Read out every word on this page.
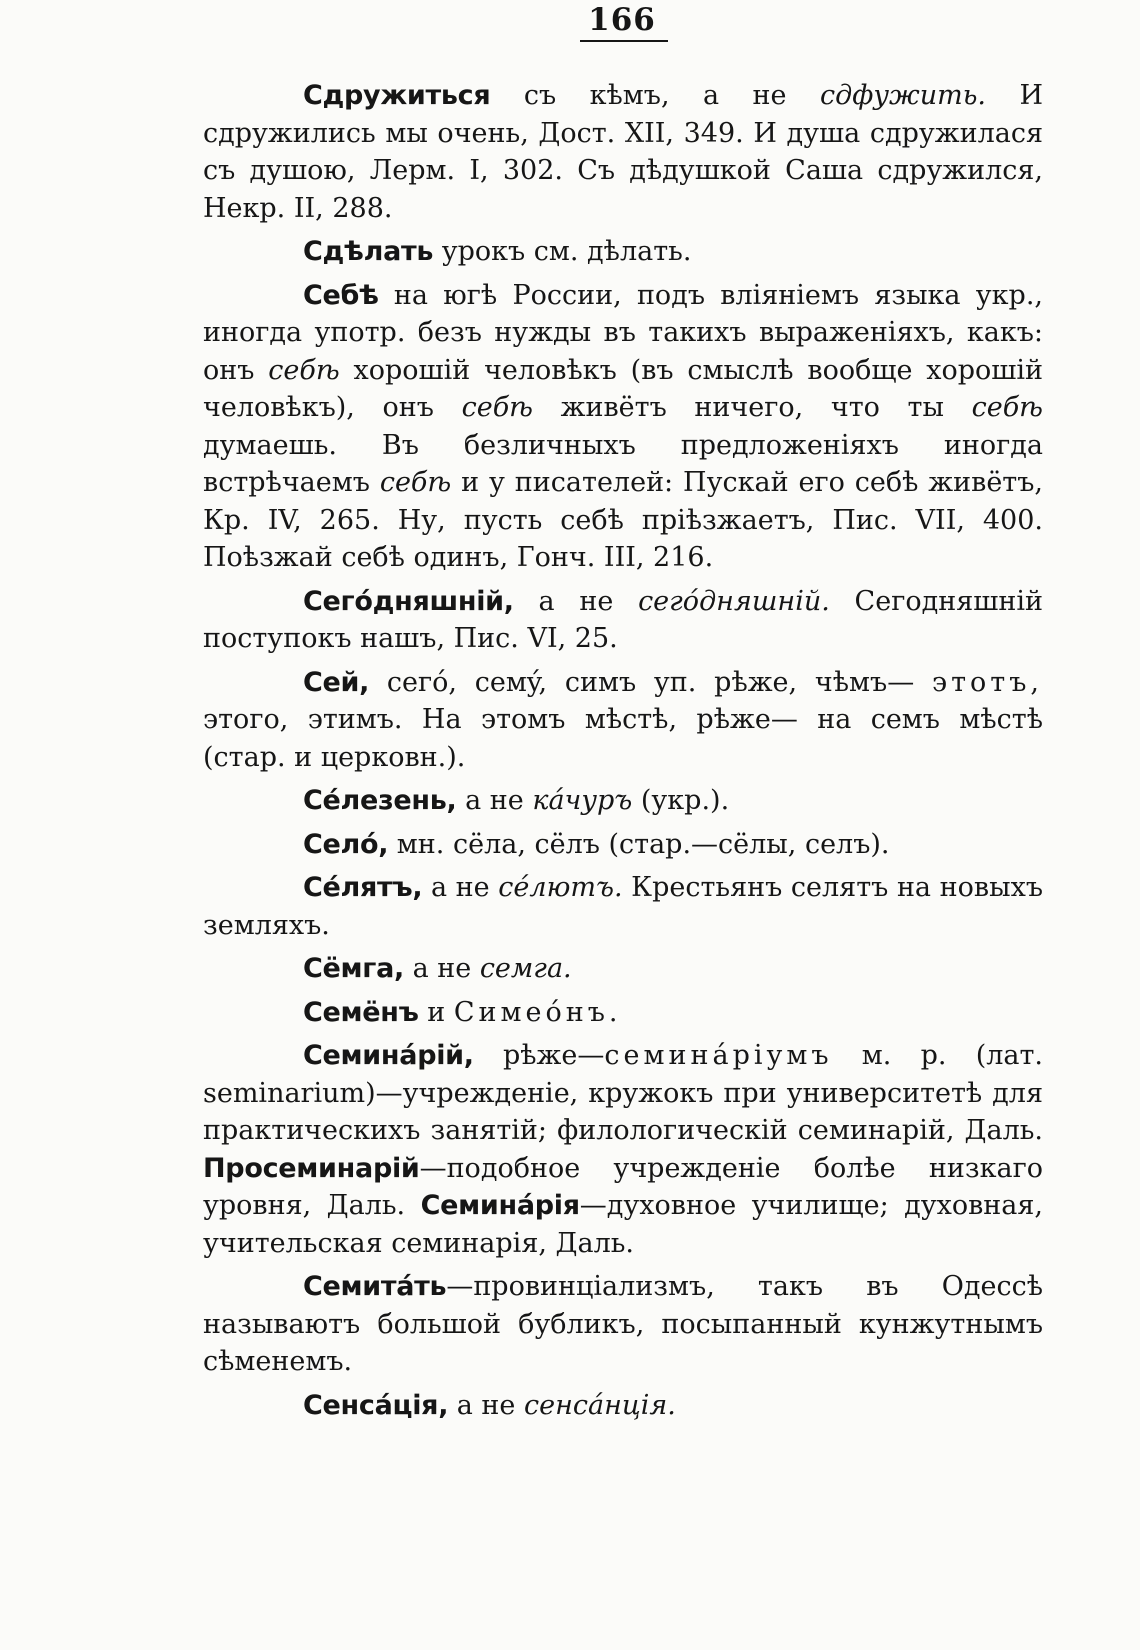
166

Сдружиться съ кѣмъ, а не сдфужить. И сдружились мы очень, Дост. XII, 349. И душа сдружилася съ душою, Лерм. I, 302. Съ дѣдушкой Саша сдружился, Некр. II, 288.

Сдѣлать урокъ см. дѣлать.

Себѣ на югѣ России, подъ вліяніемъ языка укр., иногда употр. безъ нужды въ такихъ выраженіяхъ, какъ: онъ себѣ хорошій человѣкъ (въ смыслѣ вообще хорошій человѣкъ), онъ себѣ живётъ ничего, что ты себѣ думаешь. Въ безличныхъ предложеніяхъ иногда встрѣчаемъ себѣ и у писателей: Пускай его себѣ живётъ, Кр. IV, 265. Ну, пусть себѣ пріѣзжаетъ, Пис. VII, 400. Поѣзжай себѣ одинъ, Гонч. III, 216.

Сегóдняшній, а не сегóдняшній. Сегодняшній поступокъ нашъ, Пис. VI, 25.

Сей, сегó, семý, симъ уп. рѣже, чѣмъ— этотъ, этого, этимъ. На этомъ мѣстѣ, рѣже— на семъ мѣстѣ (стар. и церковн.).

Сéлезень, а не кáчуръ (укр.).

Селó, мн. сёла, сёлъ (стар.—сёлы, селъ).

Сéлятъ, а не сéлютъ. Крестьянъ селятъ на новыхъ земляхъ.

Сёмга, а не семга.

Семёнъ и Симеóнъ.

Семинáрій, рѣже—семинáріумъ м. р. (лат. seminarium)—учрежденіе, кружокъ при университетѣ для практическихъ занятій; филологическій семинарій, Даль. Просеминарій—подобное учрежденіе болѣе низкаго уровня, Даль. Семинáрія—духовное училище; духовная, учительская семинарія, Даль.

Семитáть—провинціализмъ, такъ въ Одессѣ называютъ большой бубликъ, посыпанный кунжутнымъ сѣменемъ.

Сенсáція, а не сенсáнція.
